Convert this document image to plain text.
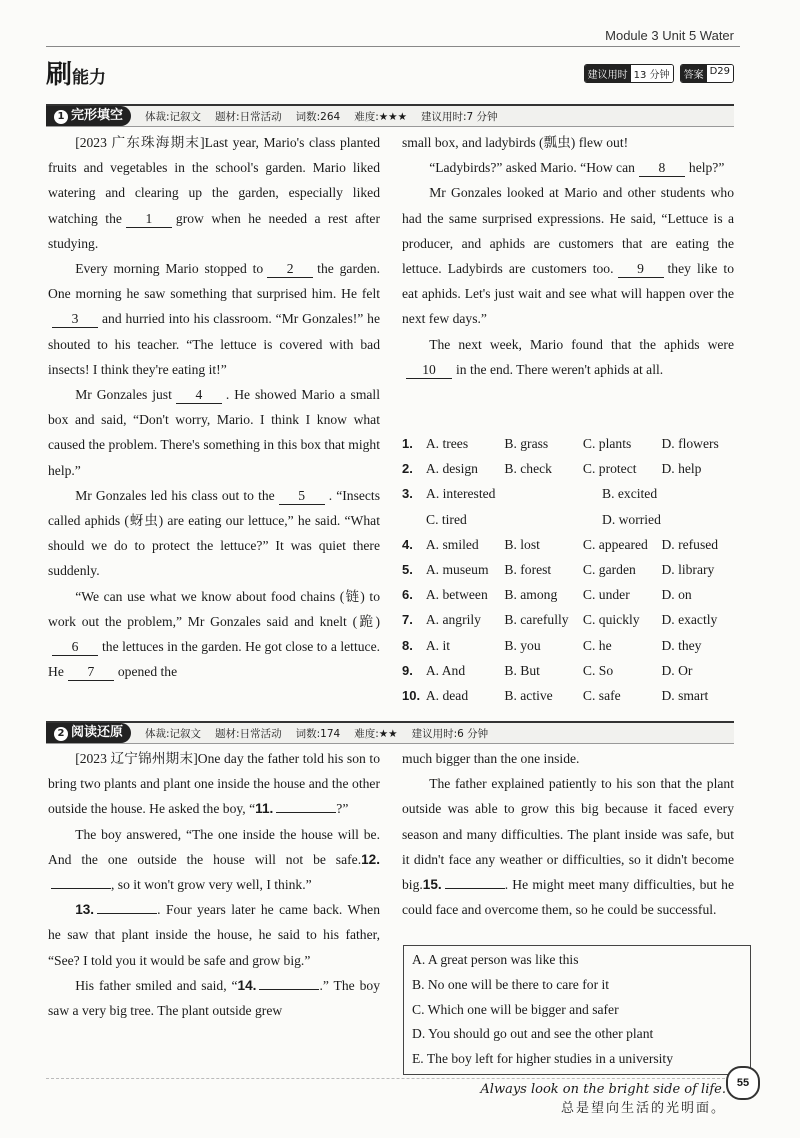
Module 3 Unit 5 Water
刷能力	建议用时 13 分钟	答案 D29
1 完形填空	体裁:记叙文 题材:日常活动 词数:264 难度:★★★ 建议用时:7 分钟

[2023 广东珠海期末]Last year, Mario's class planted fruits and vegetables in the school's garden. Mario liked watering and clearing up the garden, especially liked watching the 1 grow when he needed a rest after studying.

Every morning Mario stopped to 2 the garden. One morning he saw something that surprised him. He felt3 and hurried into his classroom. “Mr Gonzales!” he shouted to his teacher. “The lettuce is covered with bad insects! I think they're eating it!”

Mr Gonzales just 4 . He showed Mario a small box and said, “Don't worry, Mario. I think I know what caused the problem. There's something in this box that might help.”

Mr Gonzales led his class out to the 5 . “Insects called aphids (蚜虫) are eating our lettuce,” he said. “What should we do to protect the lettuce?” It was quiet there suddenly.

“We can use what we know about food chains (链) to work out the problem,” Mr Gonzales said and knelt (跪)6 the lettuces in the garden. He got close to a lettuce. He 7 opened the

small box, and ladybirds (瓢虫) flew out!

“Ladybirds?” asked Mario. “How can 8 help?”

Mr Gonzales looked at Mario and other students who had the same surprised expressions. He said, “Lettuce is a producer, and aphids are customers that are eating the lettuce. Ladybirds are customers too. 9 they like to eat aphids. Let's just wait and see what will happen over the next few days.”

The next week, Mario found that the aphids were10 in the end. There weren't aphids at all.

1. A. trees	B. grass	C. plants	D. flowers
2. A. design	B. check	C. protect	D. help
3. A. interested	B. excited
C. tired	D. worried
4. A. smiled	B. lost	C. appeared	D. refused
5. A. museum	B. forest	C. garden	D. library
6. A. between	B. among	C. under	D. on
7. A. angrily	B. carefully	C. quickly	D. exactly
8. A. it	B. you	C. he	D. they
9. A. And	B. But	C. So	D. Or
10. A. dead	B. active	C. safe	D. smart
2 阅读还原	体裁:记叙文 题材:日常活动 词数:174 难度:★★ 建议用时:6 分钟

[2023 辽宁锦州期末]One day the father told his son to bring two plants and plant one inside the house and the other outside the house. He asked the boy, “11.	?”

The boy answered, “The one inside the house will be. And the one outside the house will not be safe.12., so it won't grow very well, I think.”

13.	. Four years later he came back. When he saw that plant inside the house, he said to his father, “See? I told you it would be safe and grow big.”

His father smiled and said, “14.	.” The boy saw a very big tree. The plant outside grew

much bigger than the one inside.

The father explained patiently to his son that the plant outside was able to grow this big because it faced every season and many difficulties. The plant inside was safe, but it didn't face any weather or difficulties, so it didn't become big.15.	. He might meet many difficulties, but he could face and overcome them, so he could be successful.

A. A great person was like this
B. No one will be there to care for it
C. Which one will be bigger and safer
D. You should go out and see the other plant
E. The boy left for higher studies in a university
Always look on the bright side of life.
总是望向生活的光明面。
55
